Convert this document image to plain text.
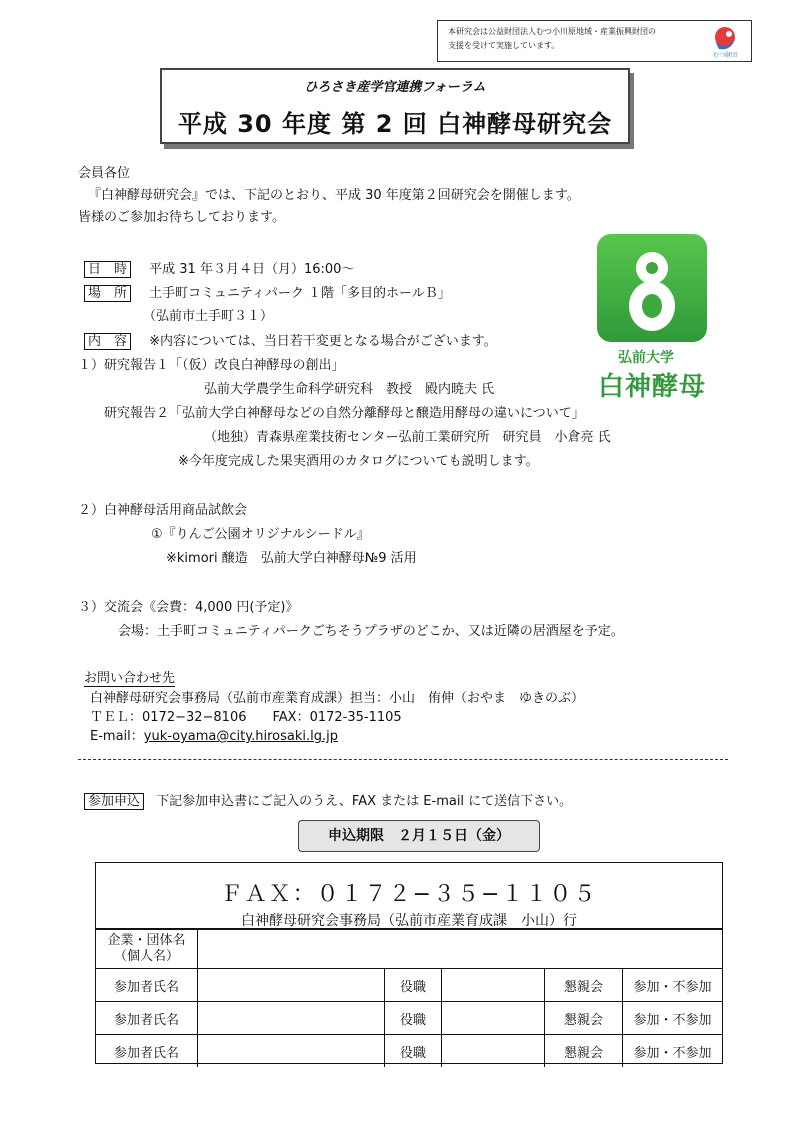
本研究会は公益財団法人むつ小川原地域・産業振興財団の
支援を受けて実施しています。
むつ財団
ひろさき産学官連携フォーラム
平成 30 年度 第 2 回 白神酵母研究会
会員各位
『白神酵母研究会』では、下記のとおり、平成 30 年度第２回研究会を開催します。
皆様のご参加お待ちしております。
日　時 平成 31 年３月４日（月）16:00～
場　所 土手町コミュニティパーク １階「多目的ホールＢ」
（弘前市土手町３１）
内　容 ※内容については、当日若干変更となる場合がございます。
１）研究報告１「（仮）改良白神酵母の創出」
弘前大学農学生命科学研究科　教授　殿内暁夫 氏
研究報告２「弘前大学白神酵母などの自然分離酵母と醸造用酵母の違いについて」
（地独）青森県産業技術センター弘前工業研究所　研究員　小倉亮 氏
※今年度完成した果実酒用のカタログについても説明します。
２）白神酵母活用商品試飲会
①『りんご公園オリジナルシードル』
※kimori 醸造　弘前大学白神酵母№9 活用
３）交流会《会費：4,000 円(予定)》
会場：土手町コミュニティパークごちそうプラザのどこか、又は近隣の居酒屋を予定。
弘前大学
白神酵母
お問い合わせ先
白神酵母研究会事務局（弘前市産業育成課）担当：小山　侑伸（おやま　ゆきのぶ）
ＴＥＬ：0172−32−8106　　FAX：0172-35-1105
E-mail：yuk-oyama@city.hirosaki.lg.jp
参加申込 下記参加申込書にご記入のうえ、FAX または E-mail にて送信下さい。
申込期限　２月１５日（金）
ＦＡＸ：０１７２−３５−１１０５
白神酵母研究会事務局（弘前市産業育成課　小山）行
企業・団体名
（個人名）					

参加者氏名		役職		懇親会	参加・不参加
参加者氏名		役職		懇親会	参加・不参加
参加者氏名		役職		懇親会	参加・不参加
